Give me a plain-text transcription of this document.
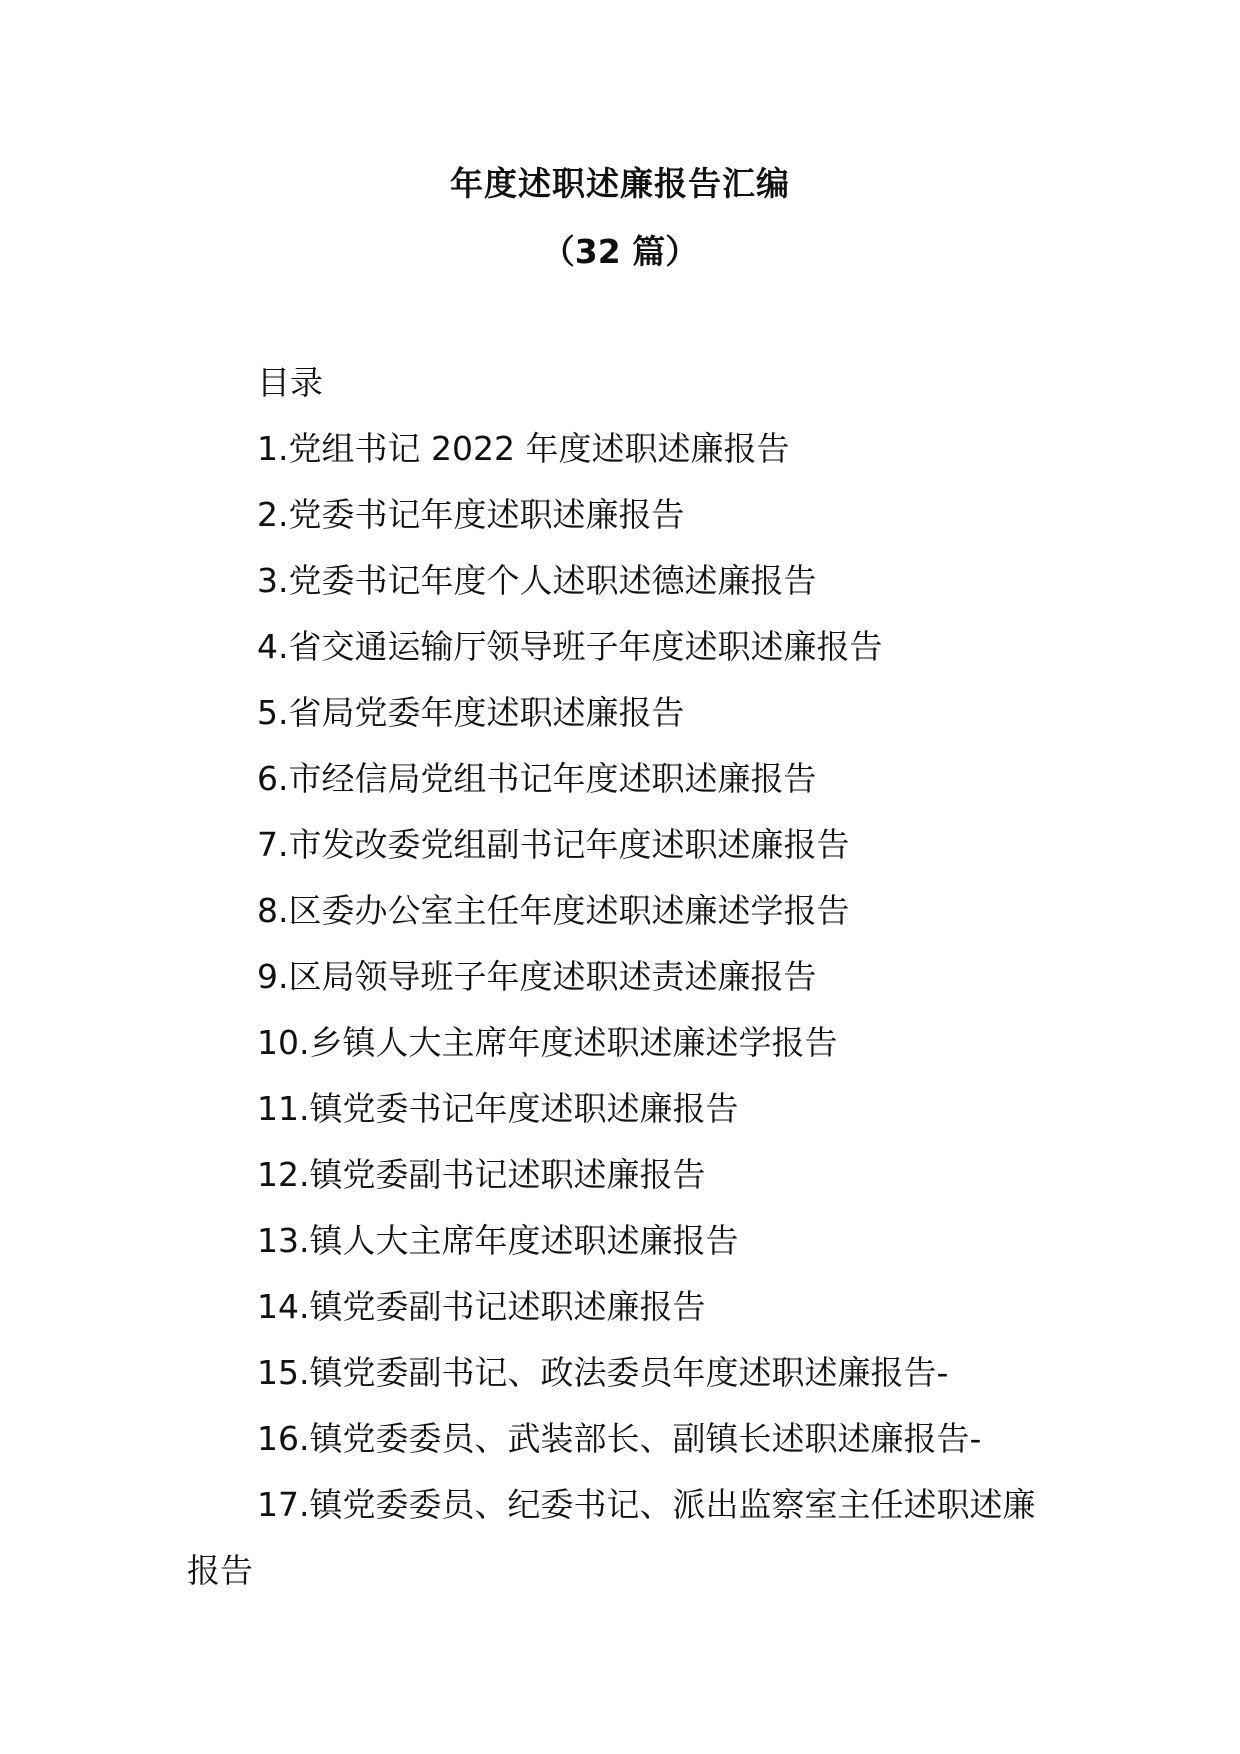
年度述职述廉报告汇编
（32 篇）
目录
1.党组书记 2022 年度述职述廉报告
2.党委书记年度述职述廉报告
3.党委书记年度个人述职述德述廉报告
4.省交通运输厅领导班子年度述职述廉报告
5.省局党委年度述职述廉报告
6.市经信局党组书记年度述职述廉报告
7.市发改委党组副书记年度述职述廉报告
8.区委办公室主任年度述职述廉述学报告
9.区局领导班子年度述职述责述廉报告
10.乡镇人大主席年度述职述廉述学报告
11.镇党委书记年度述职述廉报告
12.镇党委副书记述职述廉报告
13.镇人大主席年度述职述廉报告
14.镇党委副书记述职述廉报告
15.镇党委副书记、政法委员年度述职述廉报告-
16.镇党委委员、武装部长、副镇长述职述廉报告-
17.镇党委委员、纪委书记、派出监察室主任述职述廉报告
